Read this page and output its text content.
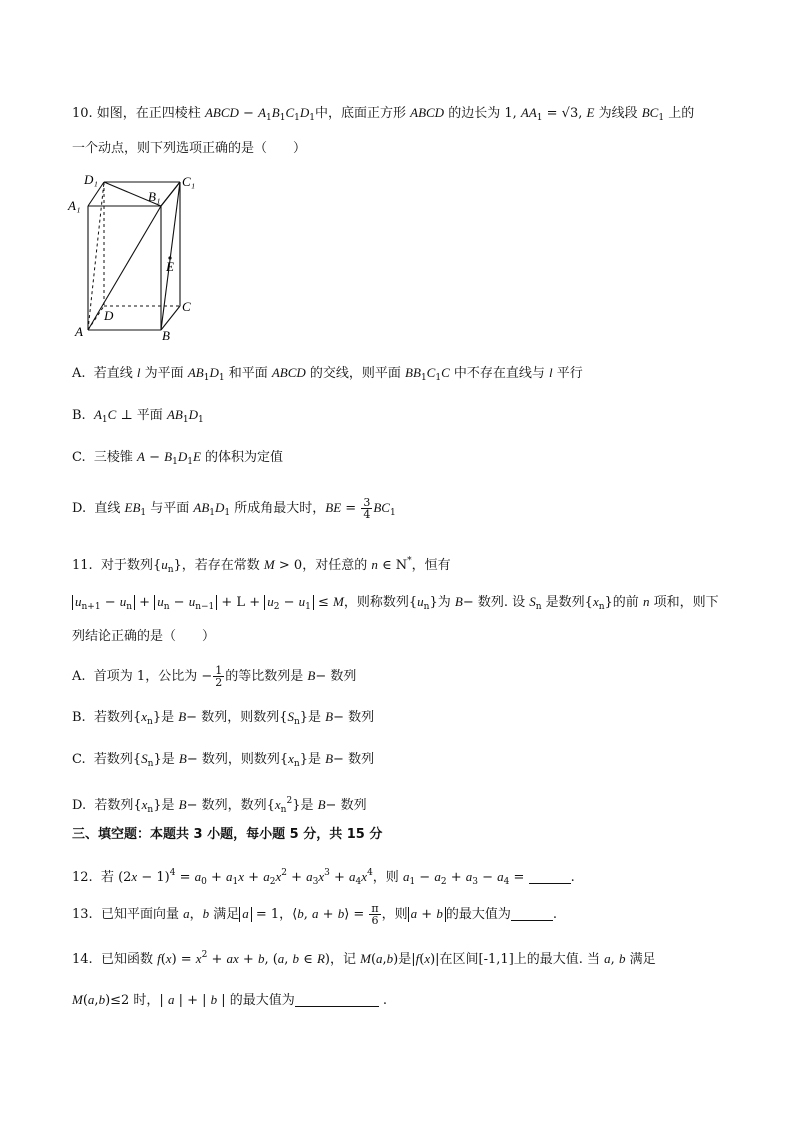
10. 如图，在正四棱柱 ABCD − $A_1B_1C_1D_1$中，底面正方形 ABCD 的边长为 1, $AA_1 = √3$, E 为线段 $BC_1$ 上的
一个动点，则下列选项正确的是（　　）
D₁	C₁
A₁
B₁
E
C
D
A	B
A.  若直线 l 为平面 $AB_1D_1$ 和平面 ABCD 的交线，则平面 $BB_1C_1C$ 中不存在直线与 l 平行
B.  $A_1C$ ⊥ 平面 $AB_1D_1$
C.  三棱锥 $A - B_1D_1E$ 的体积为定值
D.  直线 $EB_1$ 与平面 $AB_1D_1$ 所成角最大时，BE = $\frac{3}{4} BC_1$
11.  对于数列$\{u_n\}$，若存在常数 M > 0，对任意的 n ∈ N*，恒有
$u_{n+1} - u_n + u_n - u_{n-1} + L + u_2 - u_1 \le M$，则称数列$\{u_n\}$为 B− 数列. 设 $S_n$ 是数列$\{x_n\}$的前 n 项和，则下
列结论正确的是（　　）
A.  首项为 1，公比为 − $\frac{1}{2}$ 的等比数列是 B− 数列
B.  若数列$\{x_n\}$是 B− 数列，则数列$\{S_n\}$是 B− 数列
C.  若数列$\{S_n\}$是 B− 数列，则数列$\{x_n\}$是 B− 数列
D.  若数列$\{x_n\}$是 B− 数列，数列$\{x_n^2\}$是 B− 数列
三、填空题：本题共 3 小题，每小题 5 分，共 15 分
12.  若 $(2x - 1)^4 = a_0 + a_1x + a_2x^2 + a_3x^3 + a_4x^4$，则 $a_1 - a_2 + a_3 - a_4$ =	.
13.  已知平面向量 a，b 满足 a = 1，⟨b, a + b⟩ = $\frac{\pi}{6}$ ，则 a + b 的最大值为	.
14.  已知函数 $f(x) = x^2$ + ax + b, (a, b ∈ R)，记 M(a,b)是|f(x)|在区间[-1,1]上的最大值. 当 a, b 满足
M(a,b)≤2 时，| a | + | b | 的最大值为	.
